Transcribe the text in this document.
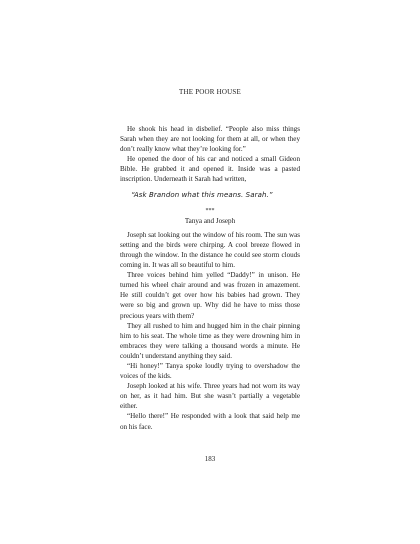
THE POOR HOUSE

He shook his head in disbelief. “People also miss things Sarah when they are not looking for them at all, or when they don’t really know what they’re looking for.”

He opened the door of his car and noticed a small Gideon Bible. He grabbed it and opened it. Inside was a pasted inscription. Underneath it Sarah had written,

“Ask Brandon what this means. Sarah.”

***

Tanya and Joseph

Joseph sat looking out the window of his room. The sun was setting and the birds were chirping. A cool breeze flowed in through the window. In the distance he could see storm clouds coming in. It was all so beautiful to him.

Three voices behind him yelled “Daddy!” in unison. He turned his wheel chair around and was frozen in amazement. He still couldn’t get over how his babies had grown. They were so big and grown up. Why did he have to miss those precious years with them?

They all rushed to him and hugged him in the chair pinning him to his seat. The whole time as they were drowning him in embraces they were talking a thousand words a minute. He couldn’t understand anything they said.

“Hi honey!” Tanya spoke loudly trying to overshadow the voices of the kids.

Joseph looked at his wife. Three years had not worn its way on her, as it had him. But she wasn’t partially a vegetable either.

“Hello there!” He responded with a look that said help me on his face.

183
